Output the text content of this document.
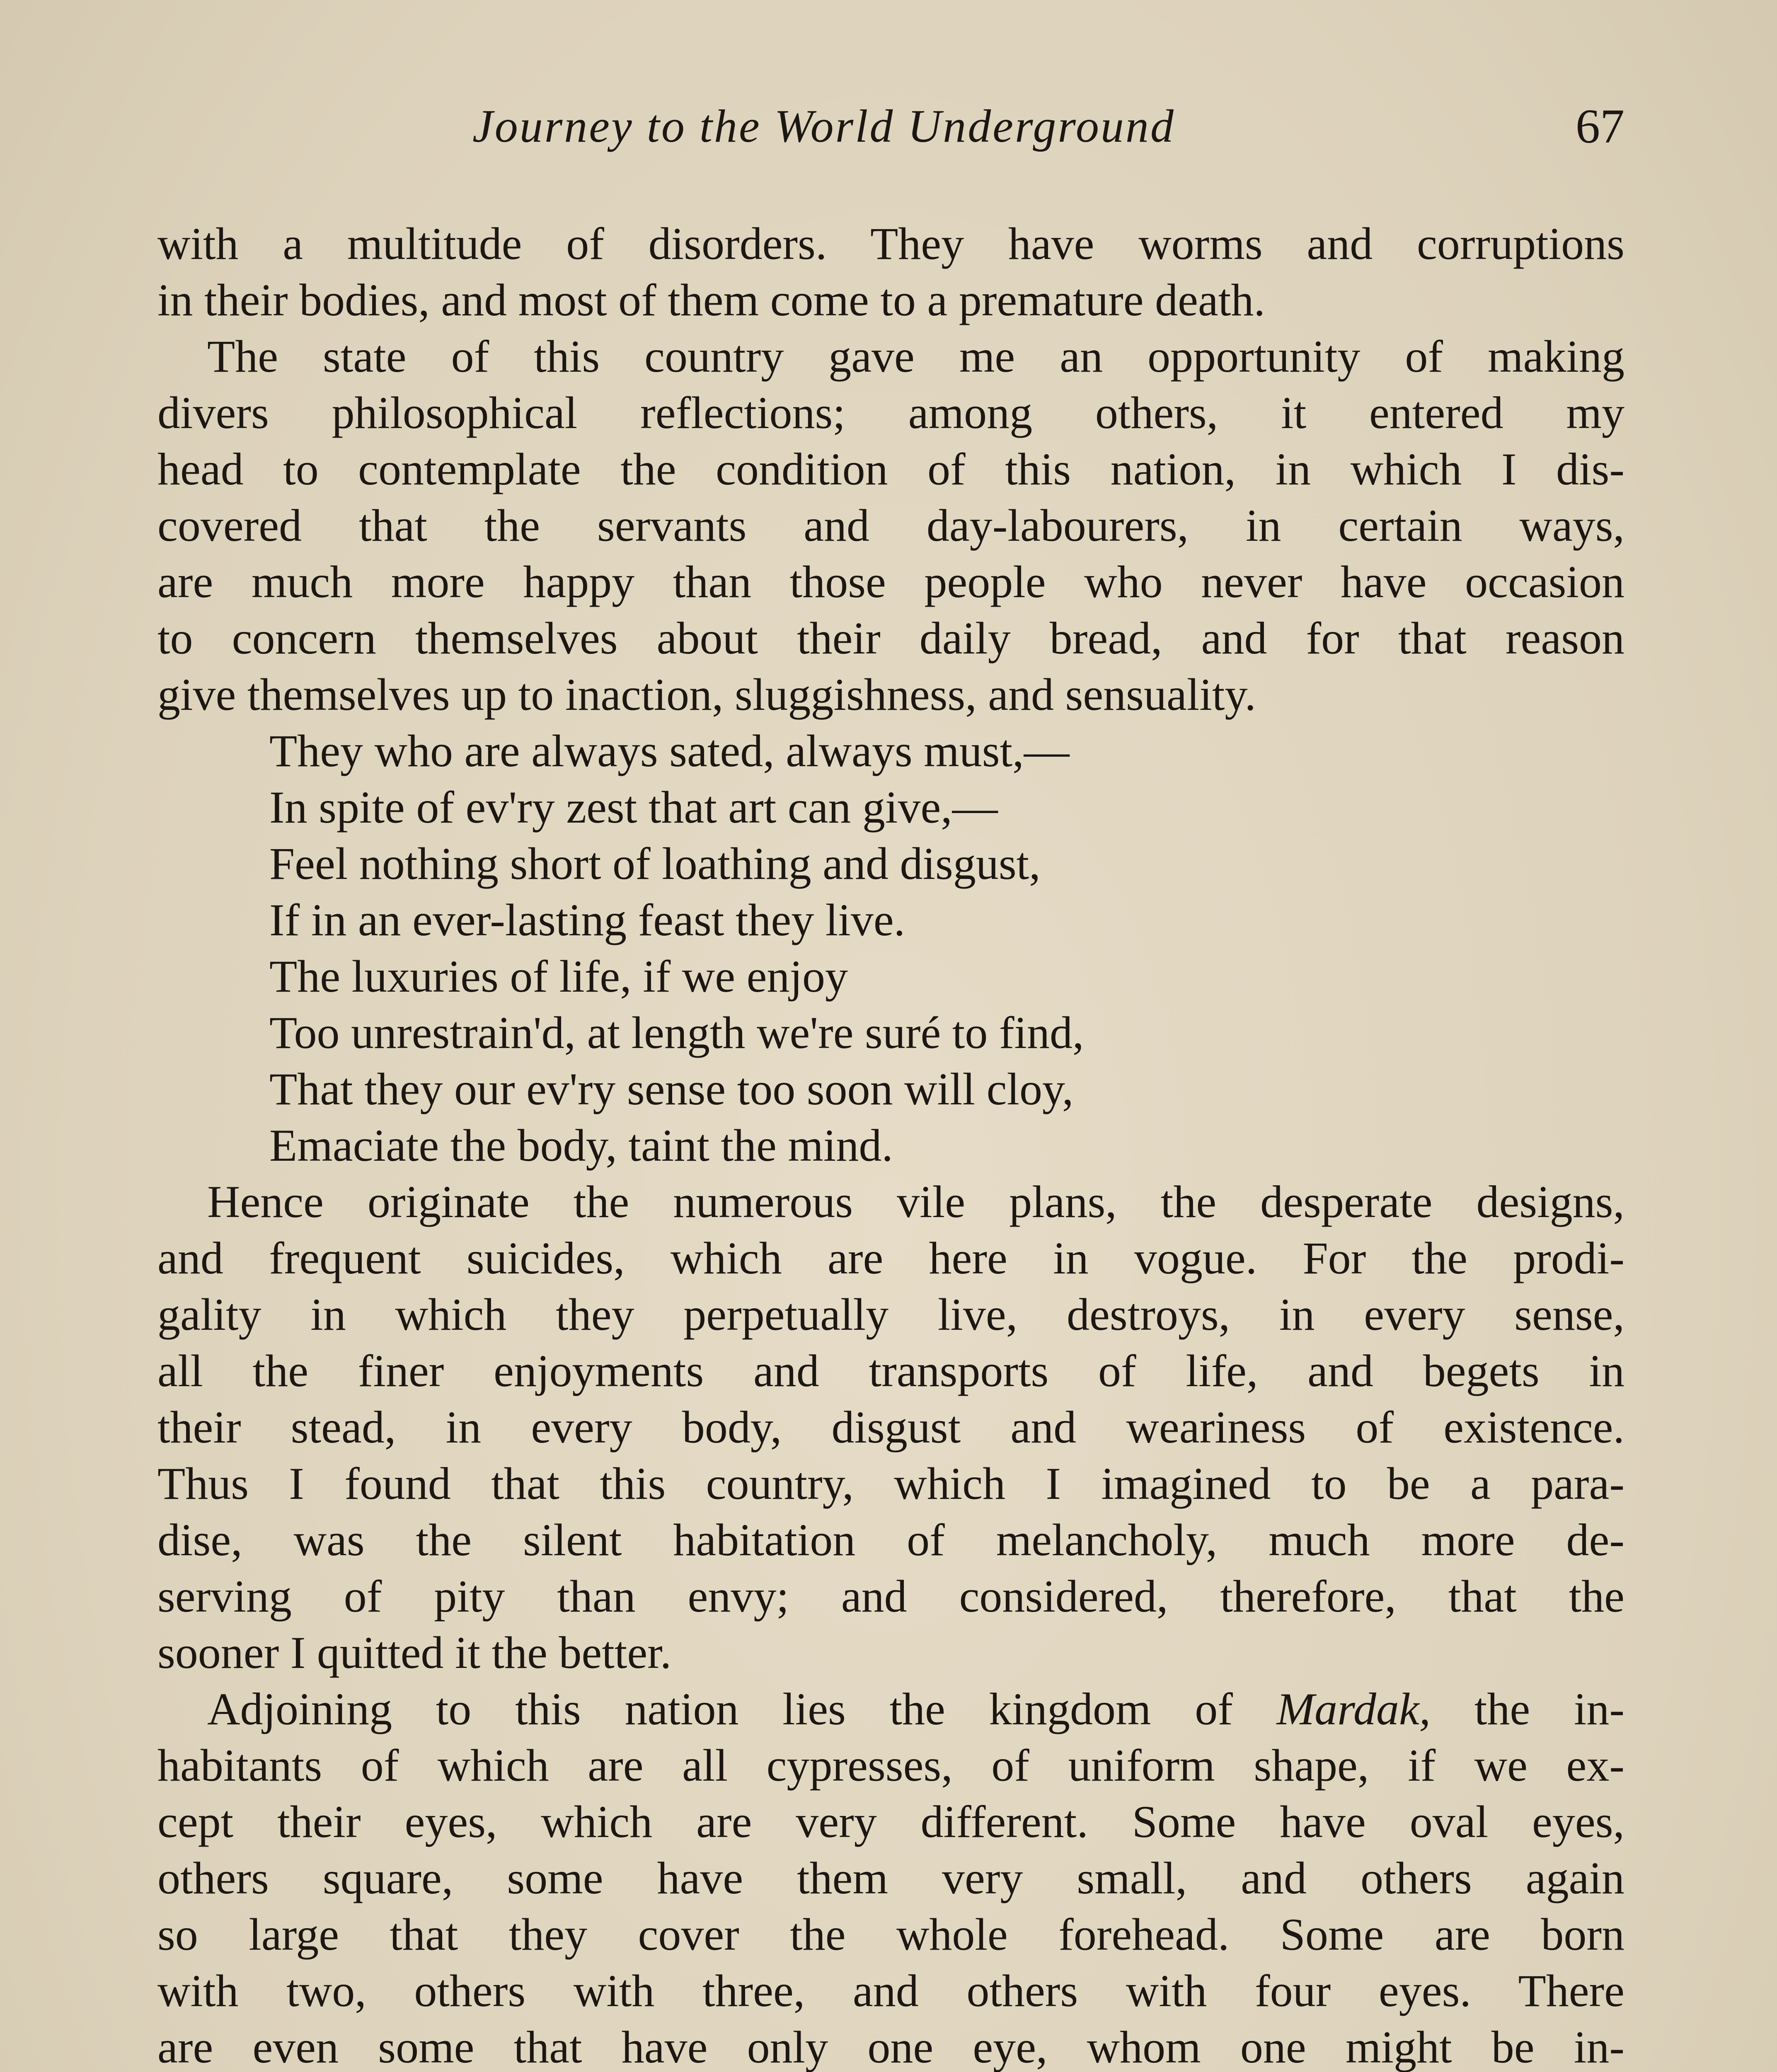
Journey to the World Underground	67
with a multitude of disorders. They have worms and corruptions
in their bodies, and most of them come to a premature death.
The state of this country gave me an opportunity of making
divers philosophical reflections; among others, it entered my
head to contemplate the condition of this nation, in which I dis-
covered that the servants and day-labourers, in certain ways,
are much more happy than those people who never have occasion
to concern themselves about their daily bread, and for that reason
give themselves up to inaction, sluggishness, and sensuality.
They who are always sated, always must,—
In spite of ev'ry zest that art can give,—
Feel nothing short of loathing and disgust,
If in an ever-lasting feast they live.
The luxuries of life, if we enjoy
Too unrestrain'd, at length we're suré to find,
That they our ev'ry sense too soon will cloy,
Emaciate the body, taint the mind.
Hence originate the numerous vile plans, the desperate designs,
and frequent suicides, which are here in vogue. For the prodi-
gality in which they perpetually live, destroys, in every sense,
all the finer enjoyments and transports of life, and begets in
their stead, in every body, disgust and weariness of existence.
Thus I found that this country, which I imagined to be a para-
dise, was the silent habitation of melancholy, much more de-
serving of pity than envy; and considered, therefore, that the
sooner I quitted it the better.
Adjoining to this nation lies the kingdom of Mardak, the in-
habitants of which are all cypresses, of uniform shape, if we ex-
cept their eyes, which are very different. Some have oval eyes,
others square, some have them very small, and others again
so large that they cover the whole forehead. Some are born
with two, others with three, and others with four eyes. There
are even some that have only one eye, whom one might be in-
